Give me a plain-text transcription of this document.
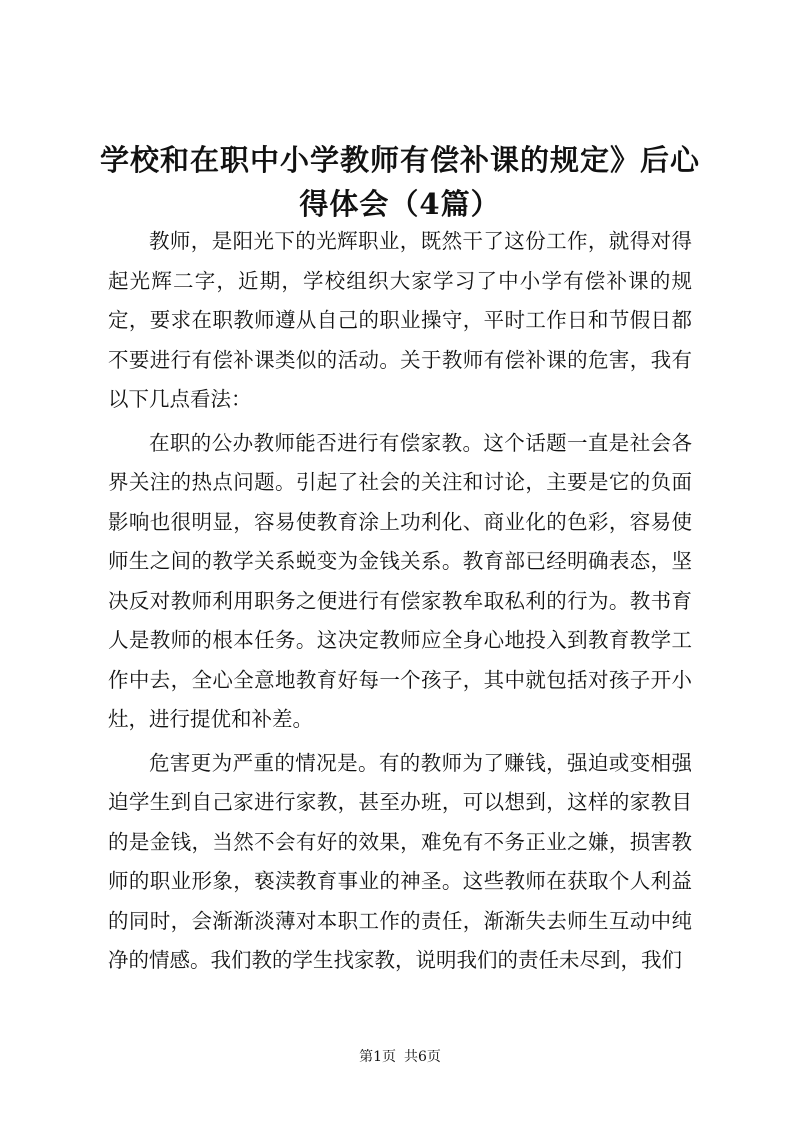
学校和在职中小学教师有偿补课的规定》后心得体会（4篇）

教师，是阳光下的光辉职业，既然干了这份工作，就得对得起光辉二字，近期，学校组织大家学习了中小学有偿补课的规定，要求在职教师遵从自己的职业操守，平时工作日和节假日都不要进行有偿补课类似的活动。关于教师有偿补课的危害，我有以下几点看法：

在职的公办教师能否进行有偿家教。这个话题一直是社会各界关注的热点问题。引起了社会的关注和讨论，主要是它的负面影响也很明显，容易使教育涂上功利化、商业化的色彩，容易使师生之间的教学关系蜕变为金钱关系。教育部已经明确表态，坚决反对教师利用职务之便进行有偿家教牟取私利的行为。教书育人是教师的根本任务。这决定教师应全身心地投入到教育教学工作中去，全心全意地教育好每一个孩子，其中就包括对孩子开小灶，进行提优和补差。

危害更为严重的情况是。有的教师为了赚钱，强迫或变相强迫学生到自己家进行家教，甚至办班，可以想到，这样的家教目的是金钱，当然不会有好的效果，难免有不务正业之嫌，损害教师的职业形象，亵渎教育事业的神圣。这些教师在获取个人利益的同时，会渐渐淡薄对本职工作的责任，渐渐失去师生互动中纯净的情感。我们教的学生找家教，说明我们的责任未尽到，我们

第1页 共6页
